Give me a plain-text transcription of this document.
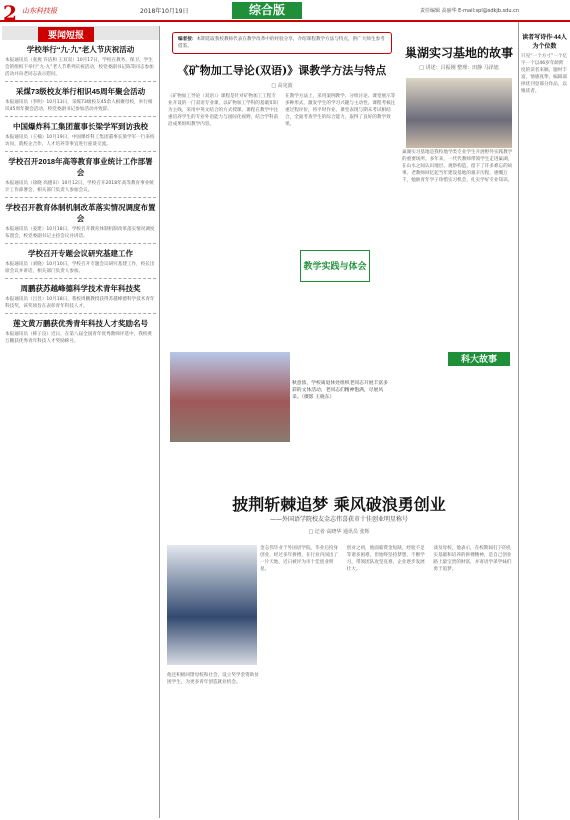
2 山东科技报	2018年10月19日	综合版	责任编辑 高丽华 E-mail:spl@sdkjb.sdu.cn
要闻短报
学校举行“九·九”老人节庆祝活动
本报通讯员（张燕 许洁和 王双双）10月17日，学校在教务、保卫、学生会的组织下举行“九·九”老人节系列庆祝活动，校党委副书记陈等同志参加活动并向老同志表示慰问。
采煤73级校友举行相识45周年聚会活动
本报通讯员（李明）10月13日，采煤73级校友45余人相聚母校，举行相识45周年聚会活动，校党委副书记参加活动并致辞。
中国爆炸科工集团董事长梁学军到访我校
本报通讯员（王楠）10月19日，中国爆炸科工集团董事长梁学军一行来校访问，就校企合作、人才培养等事宜进行座谈交流。
学校召开2018年高等教育事业统计工作部署会
本报通讯员（徐晓 高德田）10月12日，学校召开2018年高等教育事业统计工作部署会，相关部门负责人参加会议。
学校召开教育体制机制改革落实情况调度布置会
本报通讯员（姜建）10月18日，学校召开教育体制机制改革落实情况调度布置会，校党委副书记主持会议并讲话。
学校召开专题会议研究基建工作
本报通讯员（刘晓）10月10日，学校召开专题会议研究基建工作，校长出席会议并讲话，相关部门负责人参加。
周鹏获苏越峰德科学技术青年科技奖
本报通讯员（吕昱）10月18日，我校周鹏教授获得苏越峰德科学技术青年科技奖，该奖项旨在表彰青年科技人才。
莲文黄万鹏获优秀青年科技人才奖励名号
本报通讯员（韩子良）近日，在第八届全国青年优秀教师评选中，我校黄万鹏获优秀青年科技人才奖励称号。
编者按：本期选取我校教师代表在教学改革中的经验分享，介绍课程教学方法与特点，供广大师生参考借鉴。
《矿物加工导论(双语)》课教学方法与特点
□ 高宪波
《矿物加工导论（双语）》课程是针对矿物加工工程专业开设的一门双语专业课，以矿物加工学科的基础知识为主线，采用中英文结合的方式授课。课程在教学中注重培养学生的专业外语能力与国际化视野，结合学科前沿成果组织教学内容。
在教学方法上，采用案例教学、分组讨论、课堂展示等多种形式，激发学生的学习兴趣与主动性。课程考核注重过程评价，将平时作业、课堂表现与期末考试相结合，全面考查学生的综合能力，取得了良好的教学效果。
教学实践与体会
巢湖实习基地的故事
□ 讲述：吕振刚 整理：田静 马泽旭
巢湖实习基地是我校地学类专业学生开展野外实践教学的重要场所。多年来，一代代教师带领学生走进巢湖，在山水之间认识地层、观察构造，留下了许多难忘的故事。老教师回忆起当年建设基地的艰辛历程，感慨万千，勉励青年学子珍惜实习机会，扎实学好专业知识。
科大故事
秋意浓，学校离退休处组织老同志开展丰富多彩的文体活动，老同志们精神饱满，尽展风采。（摄影 王晓东）
披荆斩棘追梦 乘风破浪勇创业
——外国语学院校友金志伟喜获市十佳创业明星称号
□ 记者 高晓华 通讯员 张辉
金志伟毕业于外国语学院，毕业后投身创业，经过多年拼搏，在行业内闯出了一片天地，近日被评为市十佳创业明星。
创业之初，他面临资金短缺、经验不足等诸多困难，但始终坚持梦想，不断学习，带领团队攻坚克难，企业逐步发展壮大。
谈及母校，他表示，在校期间打下的扎实基础和培养的拼搏精神，是自己创业路上最宝贵的财富，并寄语学弟学妹们勇于追梦。
他还积极回馈母校和社会，设立奖学金资助贫困学生，为更多青年创造就业机会。
读者写诗作·44人为个位数
只见“一个方寸”一个亿字一个以46岁年龄跨度的读者来稿，题材丰富，情感真挚，编辑部择优刊登部分作品，以飨读者。
